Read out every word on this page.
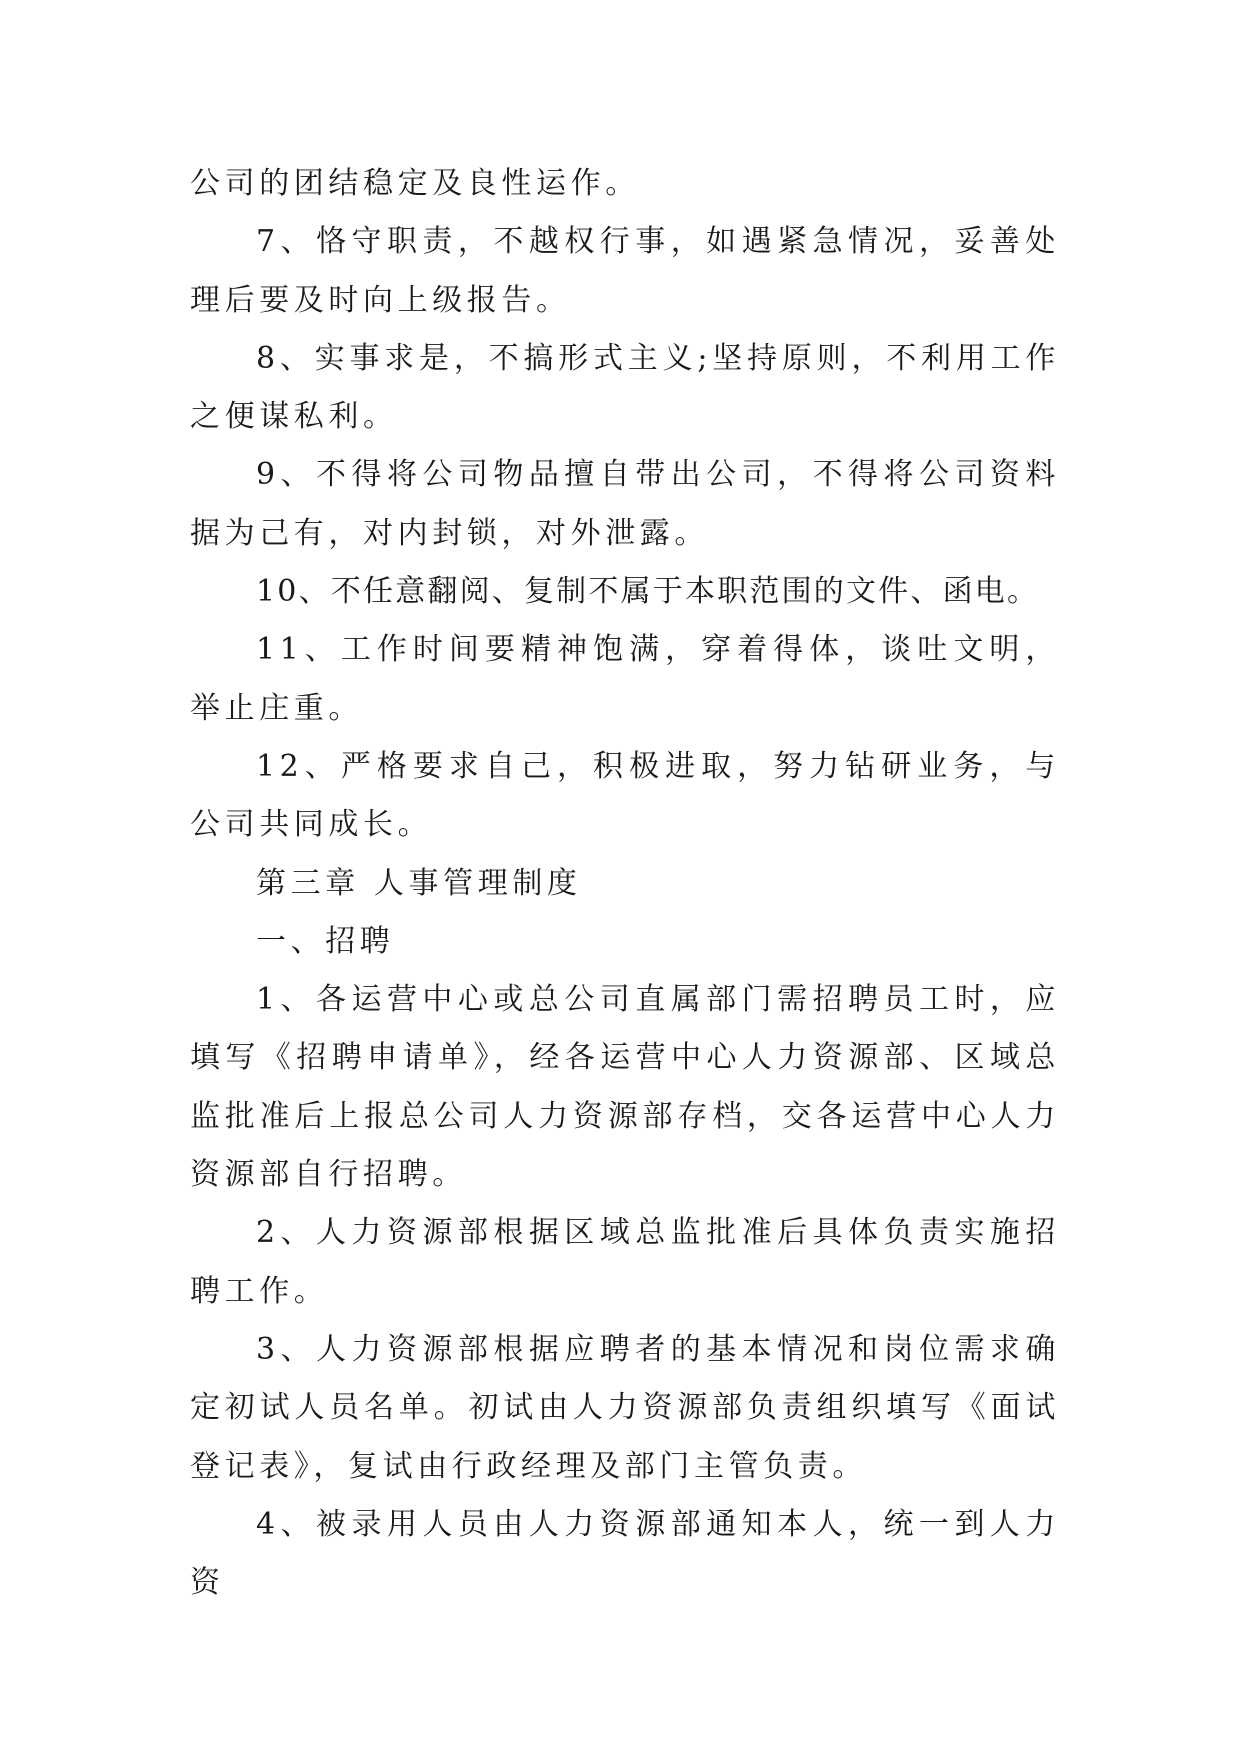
公司的团结稳定及良性运作。

7、恪守职责，不越权行事，如遇紧急情况，妥善处理后要及时向上级报告。

8、实事求是，不搞形式主义;坚持原则，不利用工作之便谋私利。

9、不得将公司物品擅自带出公司，不得将公司资料据为己有，对内封锁，对外泄露。

10、不任意翻阅、复制不属于本职范围的文件、函电。

11、工作时间要精神饱满，穿着得体，谈吐文明，举止庄重。

12、严格要求自己，积极进取，努力钻研业务，与公司共同成长。

第三章 人事管理制度

一、招聘

1、各运营中心或总公司直属部门需招聘员工时，应填写《招聘申请单》，经各运营中心人力资源部、区域总监批准后上报总公司人力资源部存档，交各运营中心人力资源部自行招聘。

2、人力资源部根据区域总监批准后具体负责实施招聘工作。

3、人力资源部根据应聘者的基本情况和岗位需求确定初试人员名单。初试由人力资源部负责组织填写《面试登记表》，复试由行政经理及部门主管负责。

4、被录用人员由人力资源部通知本人，统一到人力资
